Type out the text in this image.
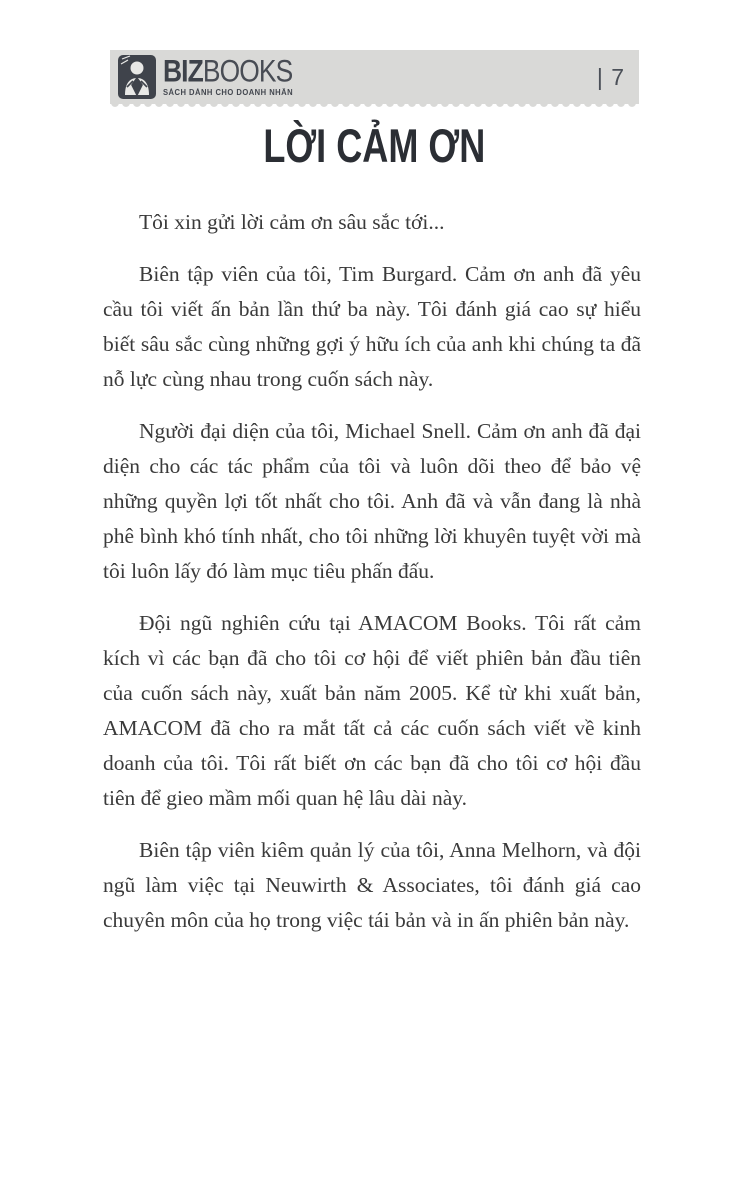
BIZBOOKS
SÁCH DÀNH CHO DOANH NHÂN
| 7
LỜI CẢM ƠN

Tôi xin gửi lời cảm ơn sâu sắc tới...

Biên tập viên của tôi, Tim Burgard. Cảm ơn anh đã yêu cầu tôi viết ấn bản lần thứ ba này. Tôi đánh giá cao sự hiểu biết sâu sắc cùng những gợi ý hữu ích của anh khi chúng ta đã nỗ lực cùng nhau trong cuốn sách này.

Người đại diện của tôi, Michael Snell. Cảm ơn anh đã đại diện cho các tác phẩm của tôi và luôn dõi theo để bảo vệ những quyền lợi tốt nhất cho tôi. Anh đã và vẫn đang là nhà phê bình khó tính nhất, cho tôi những lời khuyên tuyệt vời mà tôi luôn lấy đó làm mục tiêu phấn đấu.

Đội ngũ nghiên cứu tại AMACOM Books. Tôi rất cảm kích vì các bạn đã cho tôi cơ hội để viết phiên bản đầu tiên của cuốn sách này, xuất bản năm 2005. Kể từ khi xuất bản, AMACOM đã cho ra mắt tất cả các cuốn sách viết về kinh doanh của tôi. Tôi rất biết ơn các bạn đã cho tôi cơ hội đầu tiên để gieo mầm mối quan hệ lâu dài này.

Biên tập viên kiêm quản lý của tôi, Anna Melhorn, và đội ngũ làm việc tại Neuwirth & Associates, tôi đánh giá cao chuyên môn của họ trong việc tái bản và in ấn phiên bản này.
